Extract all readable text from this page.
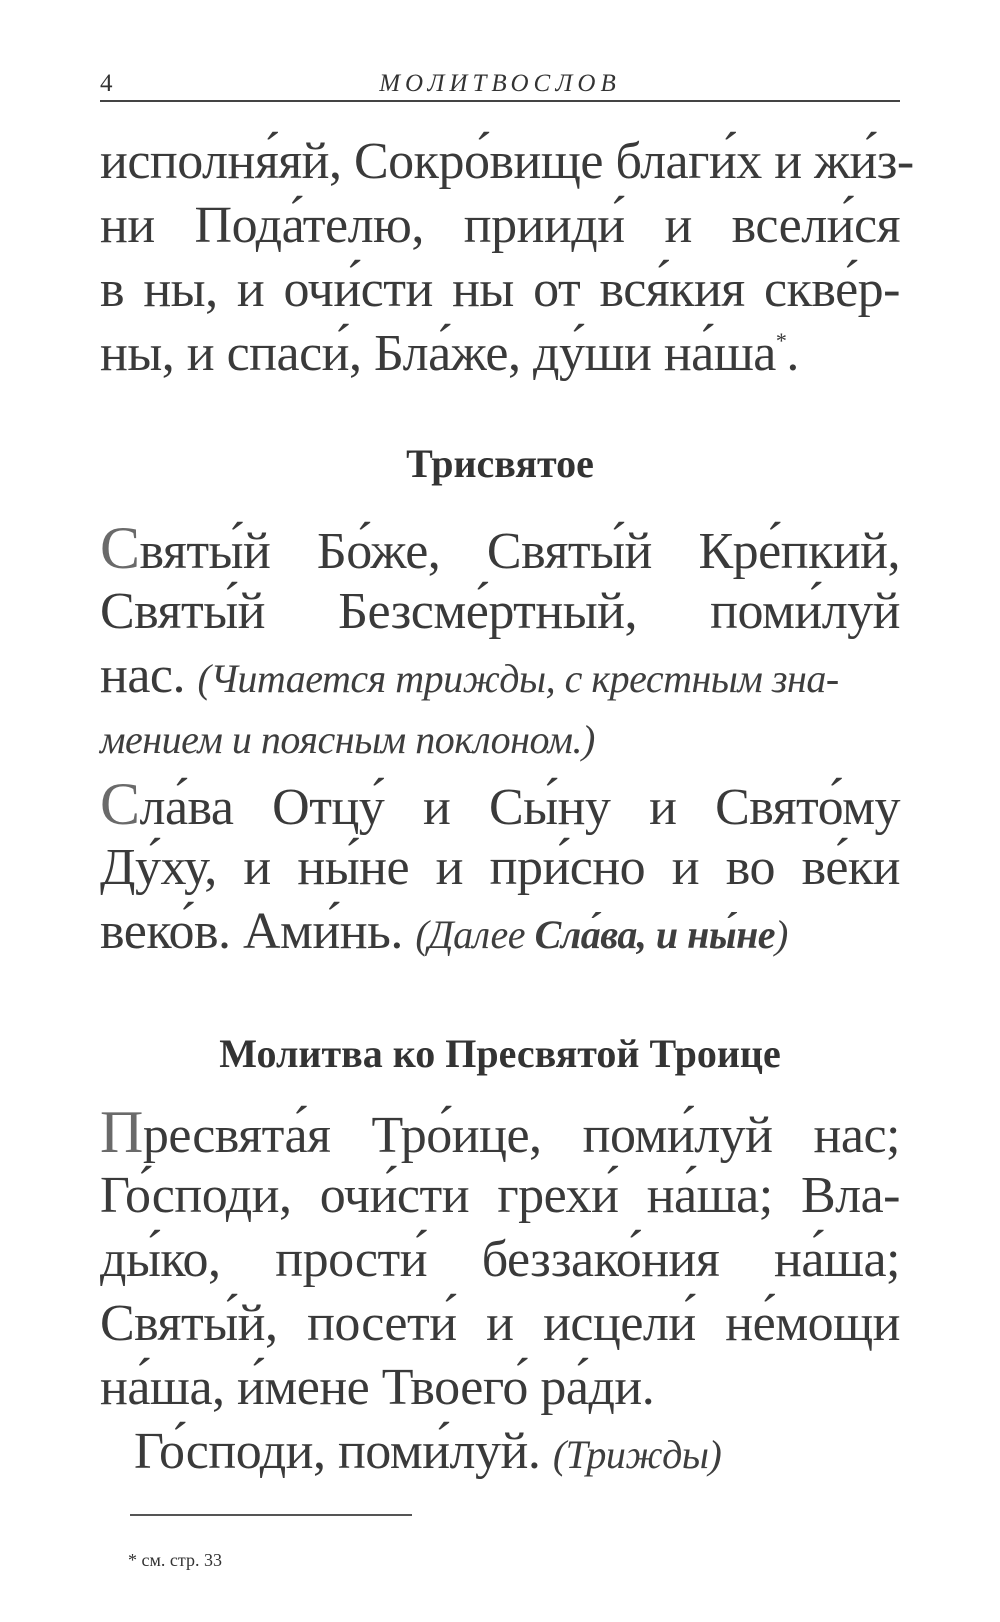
4	МОЛИТВОСЛОВ
исполня́яй, Сокро́вище благи́х и жи́з-
ни Пода́телю, прииди́ и всели́ся
в ны, и очи́сти ны от вся́кия скве́р-
ны, и спаси́, Бла́же, ду́ши на́ша*.
Трисвятое
Святы́й Бо́же, Святы́й Кре́пкий,
Святы́й Безсме́ртный, поми́луй
нас. (Читается трижды, с крестным зна-
мением и поясным поклоном.)
Сла́ва Отцу́ и Сы́ну и Свято́му
Ду́ху, и ны́не и при́сно и во ве́ки
веко́в. Ами́нь. (Далее Сла́ва, и ны́не)
Молитва ко Пресвятой Троице
Пресвята́я Тро́ице, поми́луй нас;
Го́споди, очи́сти грехи́ на́ша; Вла-
ды́ко, прости́ беззако́ния на́ша;
Святы́й, посети́ и исцели́ не́мощи
на́ша, и́мене Твоего́ ра́ди.
Го́споди, поми́луй. (Трижды)
* см. стр. 33
